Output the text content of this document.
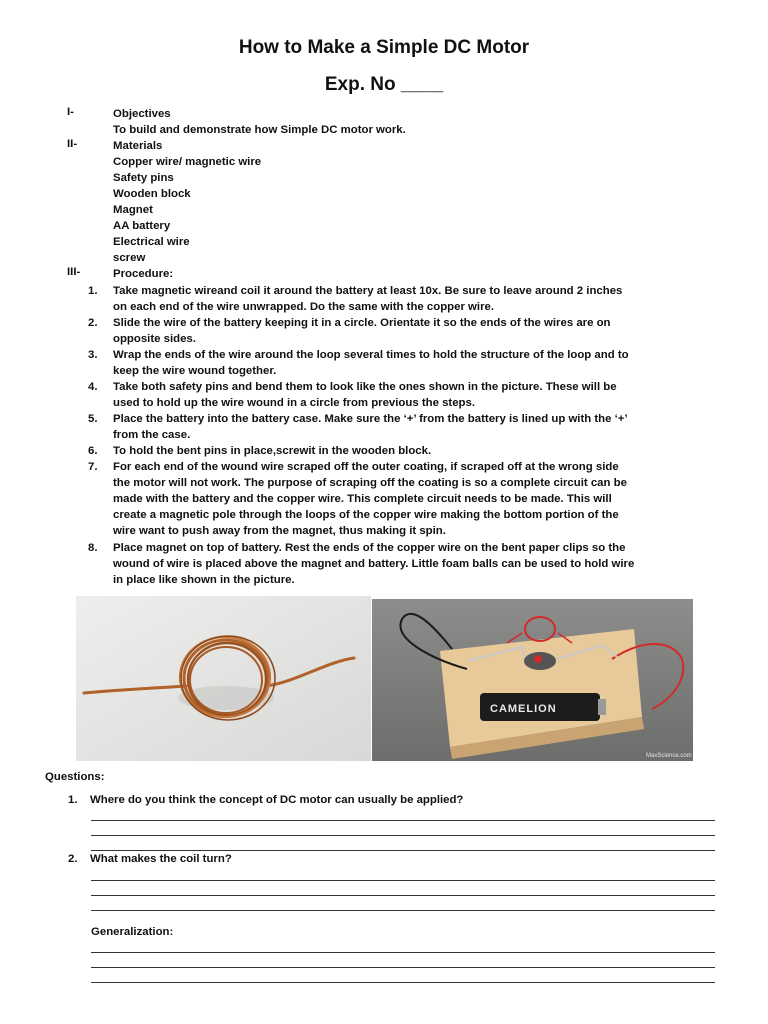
How to Make a Simple DC Motor
Exp. No ____
I-	Objectives
To build and demonstrate how Simple DC motor work.
II-	Materials
Copper wire/ magnetic wire
Safety pins
Wooden block
Magnet
AA battery
Electrical wire
screw
III-	Procedure:
1.	Take magnetic wireand coil it around the battery at least 10x. Be sure to leave around 2 inches
on each end of the wire unwrapped. Do the same with the copper wire.
2.	Slide the wire of the battery keeping it in a circle. Orientate it so the ends of the wires are on
opposite sides.
3.	Wrap the ends of the wire around the loop several times to hold the structure of the loop and to
keep the wire wound together.
4.	Take both safety pins and bend them to look like the ones shown in the picture. These will be
used to hold up the wire wound in a circle from previous the steps.
5.	Place the battery into the battery case. Make sure the ‘+’ from the battery is lined up with the ‘+’
from the case.
6.	To hold the bent pins in place,screwit in the wooden block.
7.	For each end of the wound wire scraped off the outer coating, if scraped off at the wrong side
the motor will not work. The purpose of scraping off the coating is so a complete circuit can be
made with the battery and the copper wire. This complete circuit needs to be made. This will
create a magnetic pole through the loops of the copper wire making the bottom portion of the
wire want to push away from the magnet, thus making it spin.
8.	Place magnet on top of battery. Rest the ends of the copper wire on the bent paper clips so the
wound of wire is placed above the magnet and battery. Little foam balls can be used to hold wire
in place like shown in the picture.
CAMELION
MaxScience.com
Questions:
1. Where do you think the concept of DC motor can usually be applied?
2. What makes the coil turn?
Generalization:
